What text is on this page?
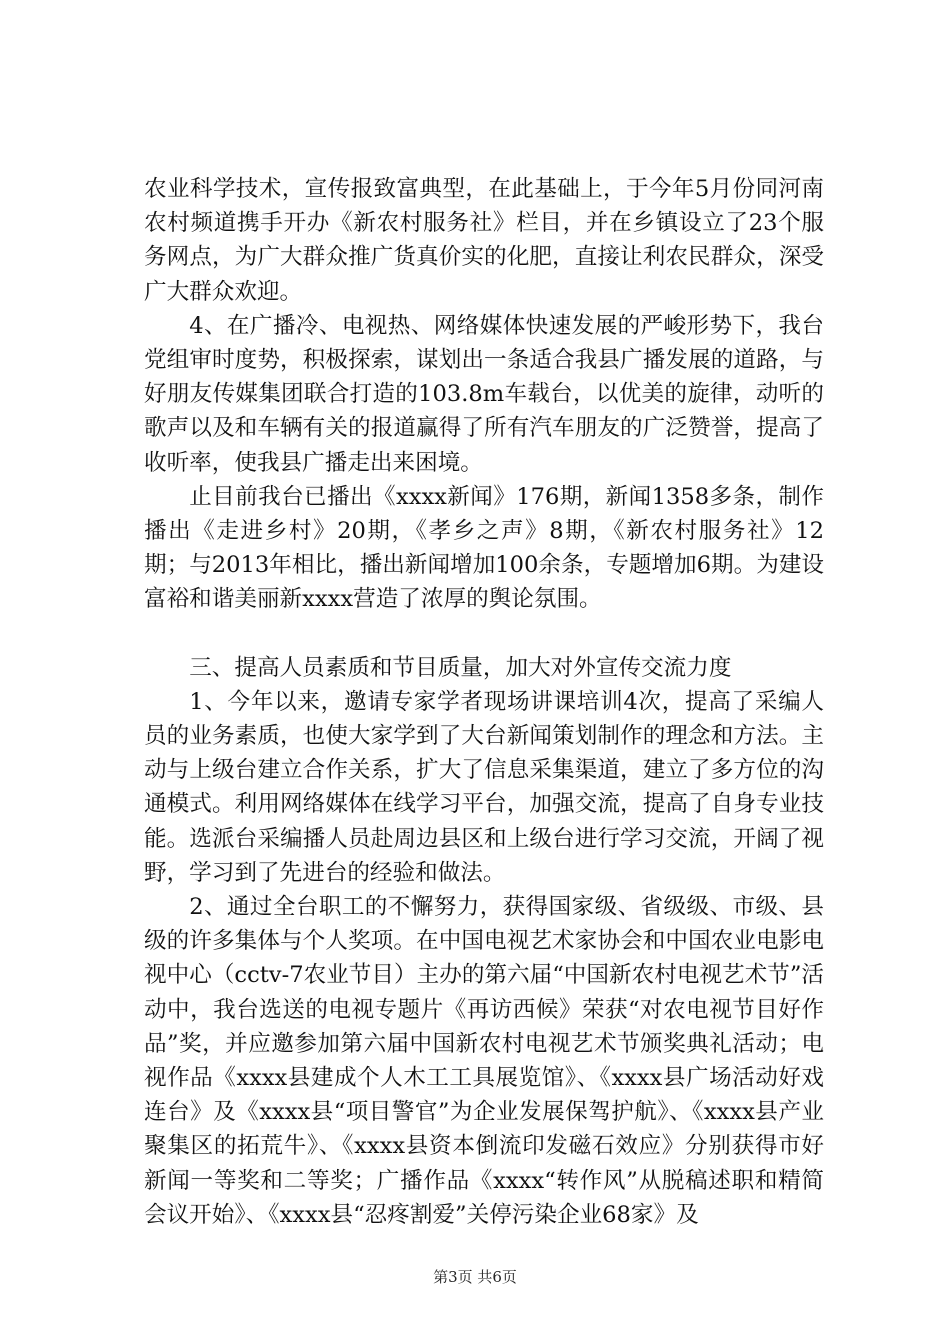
农业科学技术，宣传报致富典型，在此基础上，于今年5月份同河南农村频道携手开办《新农村服务社》栏目，并在乡镇设立了23个服务网点，为广大群众推广货真价实的化肥，直接让利农民群众，深受广大群众欢迎。

4、在广播冷、电视热、网络媒体快速发展的严峻形势下，我台党组审时度势，积极探索，谋划出一条适合我县广播发展的道路，与好朋友传媒集团联合打造的103.8m车载台，以优美的旋律，动听的歌声以及和车辆有关的报道赢得了所有汽车朋友的广泛赞誉，提高了收听率，使我县广播走出来困境。

止目前我台已播出《xxxx新闻》176期，新闻1358多条，制作播出《走进乡村》20期，《孝乡之声》8期，《新农村服务社》12期；与2013年相比，播出新闻增加100余条，专题增加6期。为建设富裕和谐美丽新xxxx营造了浓厚的舆论氛围。

三、提高人员素质和节目质量，加大对外宣传交流力度

1、今年以来，邀请专家学者现场讲课培训4次，提高了采编人员的业务素质，也使大家学到了大台新闻策划制作的理念和方法。主动与上级台建立合作关系，扩大了信息采集渠道，建立了多方位的沟通模式。利用网络媒体在线学习平台，加强交流，提高了自身专业技能。选派台采编播人员赴周边县区和上级台进行学习交流，开阔了视野，学习到了先进台的经验和做法。

2、通过全台职工的不懈努力，获得国家级、省级级、市级、县级的许多集体与个人奖项。在中国电视艺术家协会和中国农业电影电视中心（cctv-7农业节目）主办的第六届“中国新农村电视艺术节”活动中，我台选送的电视专题片《再访西候》荣获“对农电视节目好作品”奖，并应邀参加第六届中国新农村电视艺术节颁奖典礼活动；电视作品《xxxx县建成个人木工工具展览馆》、《xxxx县广场活动好戏连台》及《xxxx县“项目警官”为企业发展保驾护航》、《xxxx县产业聚集区的拓荒牛》、《xxxx县资本倒流印发磁石效应》分别获得市好新闻一等奖和二等奖；广播作品《xxxx“转作风”从脱稿述职和精简会议开始》、《xxxx县“忍疼割爱”关停污染企业68家》及

第3页 共6页
